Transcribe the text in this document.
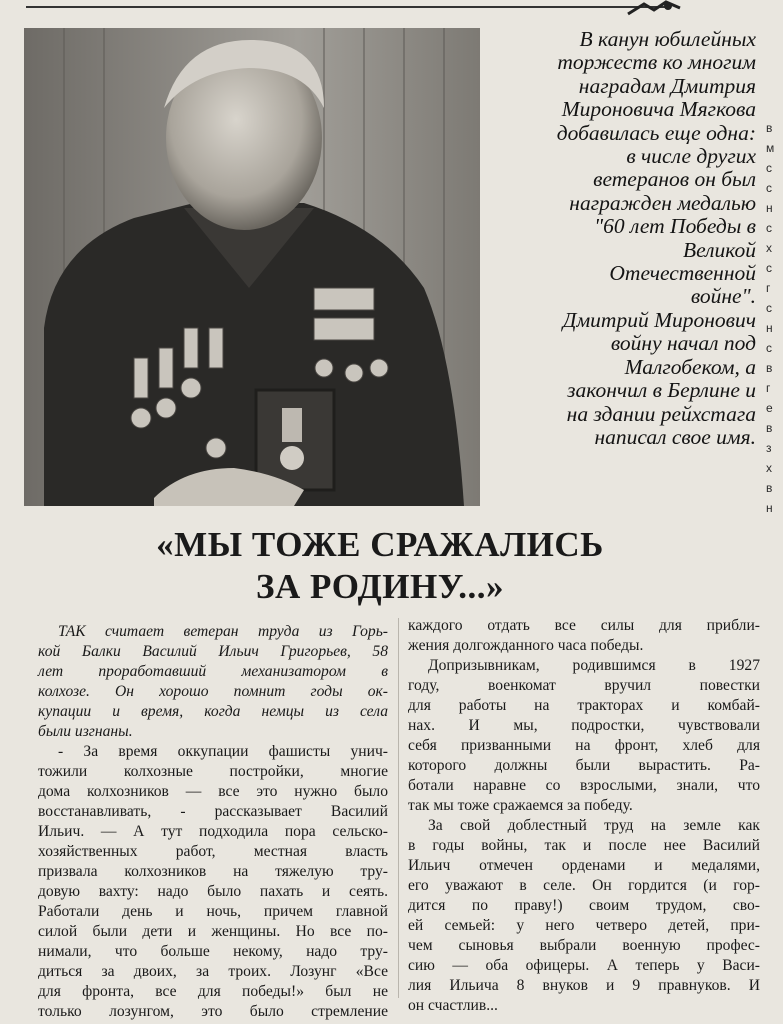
В канун юбилейных
торжеств ко многим
наградам Дмитрия
Мироновича Мягкова
добавилась еще одна:
в числе других
ветеранов он был
награжден медалью
"60 лет Победы в
Великой
Отечественной
войне".
Дмитрий Миронович
войну начал под
Малгобеком, а
закончил в Берлине и
на здании рейхстага
написал свое имя.
в
м
с
с
н
с
х
с
г
с
н
с
в
г
е
в
з
х
в
н
«МЫ ТОЖЕ СРАЖАЛИСЬ
ЗА РОДИНУ...»
ТАК считает ветеран труда из Горь-
кой Балки Василий Ильич Григорьев, 58
лет проработавший механизатором в
колхозе. Он хорошо помнит годы ок-
купации и время, когда немцы из села
были изгнаны.
- За время оккупации фашисты унич-
тожили колхозные постройки, многие
дома колхозников — все это нужно было
восстанавливать, - рассказывает Василий
Ильич. — А тут подходила пора сельско-
хозяйственных работ, местная власть
призвала колхозников на тяжелую тру-
довую вахту: надо было пахать и сеять.
Работали день и ночь, причем главной
силой были дети и женщины. Но все по-
нимали, что больше некому, надо тру-
диться за двоих, за троих. Лозунг «Все
для фронта, все для победы!» был не
только лозунгом, это было стремление
каждого отдать все силы для прибли-
жения долгожданного часа победы.
Допризывникам, родившимся в 1927
году, военкомат вручил повестки
для работы на тракторах и комбай-
нах. И мы, подростки, чувствовали
себя призванными на фронт, хлеб для
которого должны были вырастить. Ра-
ботали наравне со взрослыми, знали, что
так мы тоже сражаемся за победу.
За свой доблестный труд на земле как
в годы войны, так и после нее Василий
Ильич отмечен орденами и медалями,
его уважают в селе. Он гордится (и гор-
дится по праву!) своим трудом, сво-
ей семьей: у него четверо детей, при-
чем сыновья выбрали военную профес-
сию — оба офицеры. А теперь у Васи-
лия Ильича 8 внуков и 9 правнуков. И
он счастлив...
